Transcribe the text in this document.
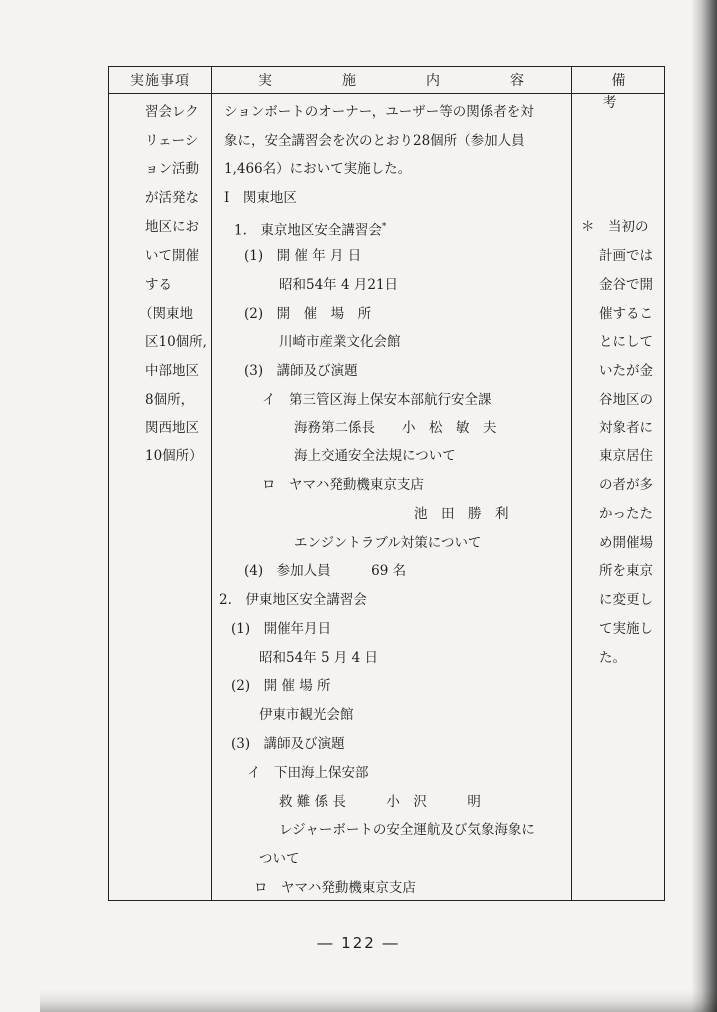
実施事項	実　施　内　容	備　考
習会レク
リェーシ
ョン活動
が活発な
地区にお
いて開催
する
（関東地
区10個所,
中部地区
8個所，
関西地区
10個所）
ションボートのオーナー，ユーザー等の関係者を対
象に，安全講習会を次のとおり28個所（参加人員
1,466名）において実施した。
Ⅰ　関東地区
1.　東京地区安全講習会*
(1)　開 催 年 月 日
昭和54年 4 月21日
(2)　開　催　場　所
川崎市産業文化会館
(3)　講師及び演題
イ　第三管区海上保安本部航行安全課
海務第二係長　　小　松　敏　夫
海上交通安全法規について
ロ　ヤマハ発動機東京支店
池　田　勝　利
エンジントラブル対策について
(4)　参加人員　　　69 名
2.　伊東地区安全講習会
(1)　開催年月日
昭和54年 5 月 4 日
(2)　開 催 場 所
伊東市観光会館
(3)　講師及び演題
イ　下田海上保安部
救 難 係 長　　　小　沢　　　明
レジャーボートの安全運航及び気象海象に
ついて
ロ　ヤマハ発動機東京支店
＊　当初の
計画では
金谷で開
催するこ
とにして
いたが金
谷地区の
対象者に
東京居住
の者が多
かったた
め開催場
所を東京
に変更し
て実施し
た。
― 122 ―
